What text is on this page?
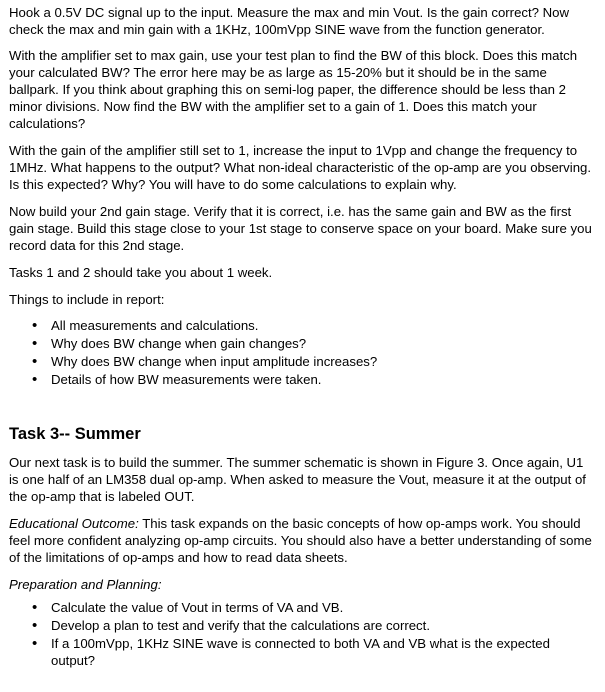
Hook a 0.5V DC signal up to the input. Measure the max and min Vout. Is the gain correct? Now check the max and min gain with a 1KHz, 100mVpp SINE wave from the function generator.

With the amplifier set to max gain, use your test plan to find the BW of this block. Does this match your calculated BW? The error here may be as large as 15-20% but it should be in the same ballpark. If you think about graphing this on semi-log paper, the difference should be less than 2 minor divisions. Now find the BW with the amplifier set to a gain of 1. Does this match your calculations?

With the gain of the amplifier still set to 1, increase the input to 1Vpp and change the frequency to 1MHz. What happens to the output? What non-ideal characteristic of the op-amp are you observing. Is this expected? Why? You will have to do some calculations to explain why.

Now build your 2nd gain stage. Verify that it is correct, i.e. has the same gain and BW as the first gain stage. Build this stage close to your 1st stage to conserve space on your board. Make sure you record data for this 2nd stage.

Tasks 1 and 2 should take you about 1 week.

Things to include in report:

• All measurements and calculations.
• Why does BW change when gain changes?
• Why does BW change when input amplitude increases?
• Details of how BW measurements were taken.
Task 3-- Summer

Our next task is to build the summer. The summer schematic is shown in Figure 3. Once again, U1 is one half of an LM358 dual op-amp. When asked to measure the Vout, measure it at the output of the op-amp that is labeled OUT.

Educational Outcome: This task expands on the basic concepts of how op-amps work. You should feel more confident analyzing op-amp circuits. You should also have a better understanding of some of the limitations of op-amps and how to read data sheets.

Preparation and Planning:

• Calculate the value of Vout in terms of VA and VB.
• Develop a plan to test and verify that the calculations are correct.
• If a 100mVpp, 1KHz SINE wave is connected to both VA and VB what is the expected output?
